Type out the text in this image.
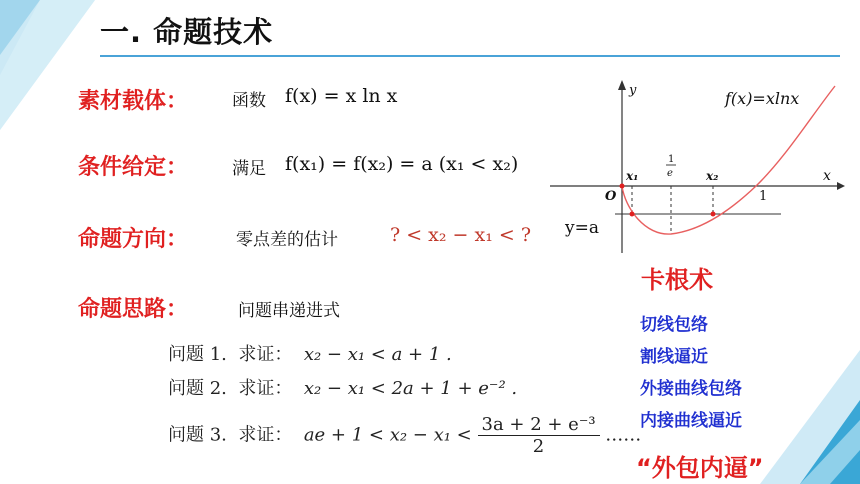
一. 命题技术
素材载体：	函数 f(x) = x ln x
条件给定：	满足 f(x₁) = f(x₂) = a (x₁ < x₂)
命题方向：	零点差的估计	? < x₂ − x₁ < ?
命题思路：	问题串递进式
问题 1. 求证： x₂ − x₁ < a + 1 .
问题 2. 求证： x₂ − x₁ < 2a + 1 + e⁻² .
问题 3. 求证： ae + $1 < x_2 - x_1 < \frac{\text{3a + 2 + e⁻³}}{2}$ ……
f(x)=xlnx
y
x
O
x₁	x₂
1
e
1
y=a
卡根术
切线包络
割线逼近
外接曲线包络
内接曲线逼近
“外包内逼”
